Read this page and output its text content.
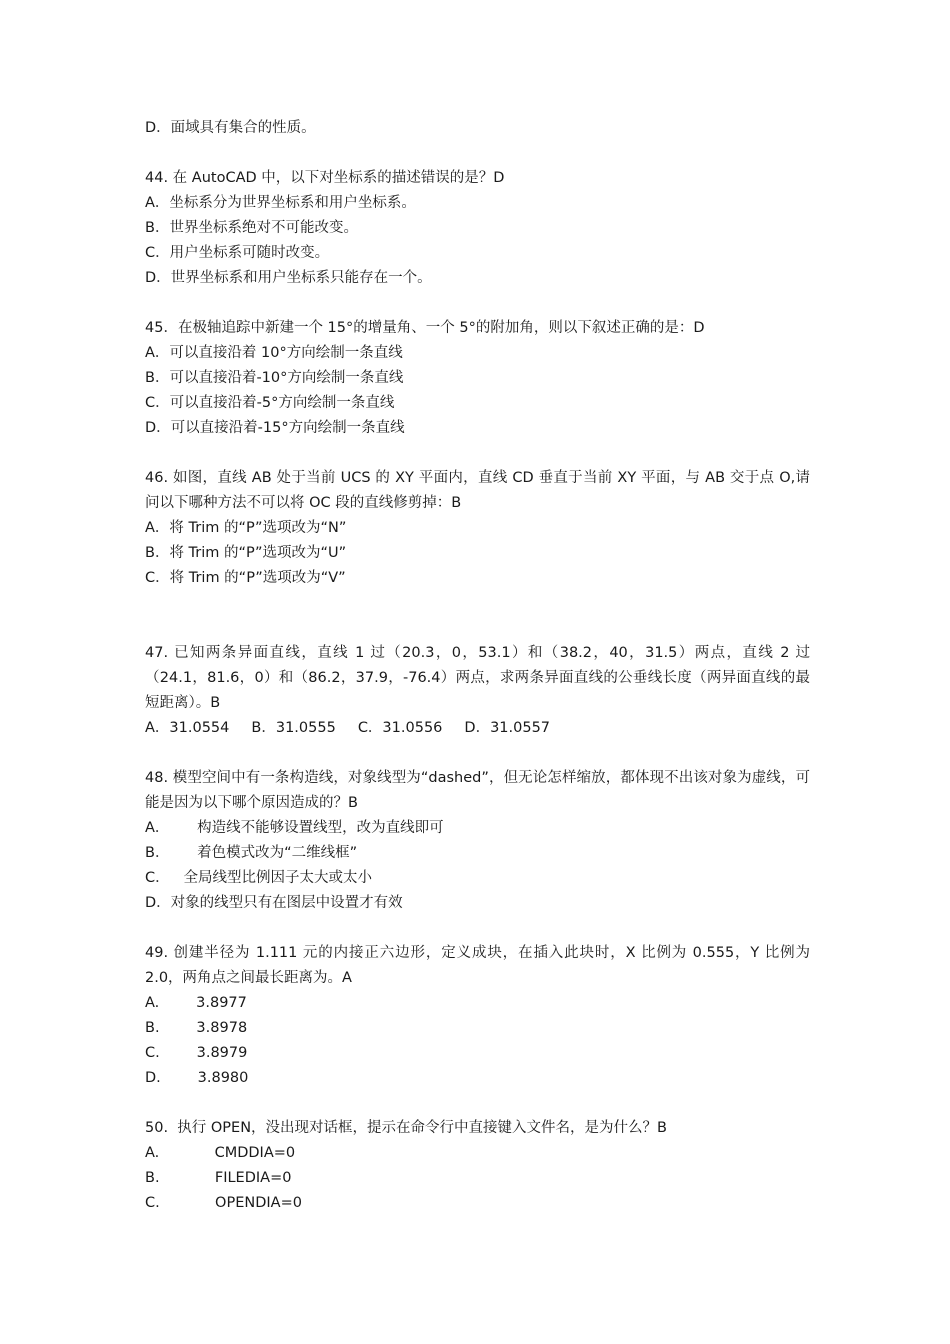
D．面域具有集合的性质。
44. 在 AutoCAD 中，以下对坐标系的描述错误的是？D
A．坐标系分为世界坐标系和用户坐标系。
B．世界坐标系绝对不可能改变。
C．用户坐标系可随时改变。
D．世界坐标系和用户坐标系只能存在一个。
45．在极轴追踪中新建一个 15°的增量角、一个 5°的附加角，则以下叙述正确的是：D
A．可以直接沿着 10°方向绘制一条直线
B．可以直接沿着-10°方向绘制一条直线
C．可以直接沿着-5°方向绘制一条直线
D．可以直接沿着-15°方向绘制一条直线
46. 如图，直线 AB 处于当前 UCS 的 XY 平面内，直线 CD 垂直于当前 XY 平面，与 AB 交于点 O,请问以下哪种方法不可以将 OC 段的直线修剪掉：B
A．将 Trim 的“P”选项改为“N”
B．将 Trim 的“P”选项改为“U”
C．将 Trim 的“P”选项改为“V”
47. 已知两条异面直线，直线 1 过（20.3，0，53.1）和（38.2，40，31.5）两点，直线 2 过（24.1，81.6，0）和（86.2，37.9，-76.4）两点，求两条异面直线的公垂线长度（两异面直线的最短距离）。B
A．31.0554 B．31.0555 C．31.0556 D．31.0557
48. 模型空间中有一条构造线，对象线型为“dashed”，但无论怎样缩放，都体现不出该对象为虚线，可能是因为以下哪个原因造成的？B
A．      构造线不能够设置线型，改为直线即可
B．      着色模式改为“二维线框”
C．   全局线型比例因子太大或太小
D．对象的线型只有在图层中设置才有效
49. 创建半径为 1.111 元的内接正六边形，定义成块，在插入此块时，X 比例为 0.555，Y 比例为 2.0，两角点之间最长距离为。A
A.        3.8977
B.        3.8978
C.        3.8979
D.        3.8980
50.  执行 OPEN，没出现对话框，提示在命令行中直接键入文件名，是为什么？B
A.            CMDDIA=0
B.            FILEDIA=0
C.            OPENDIA=0
